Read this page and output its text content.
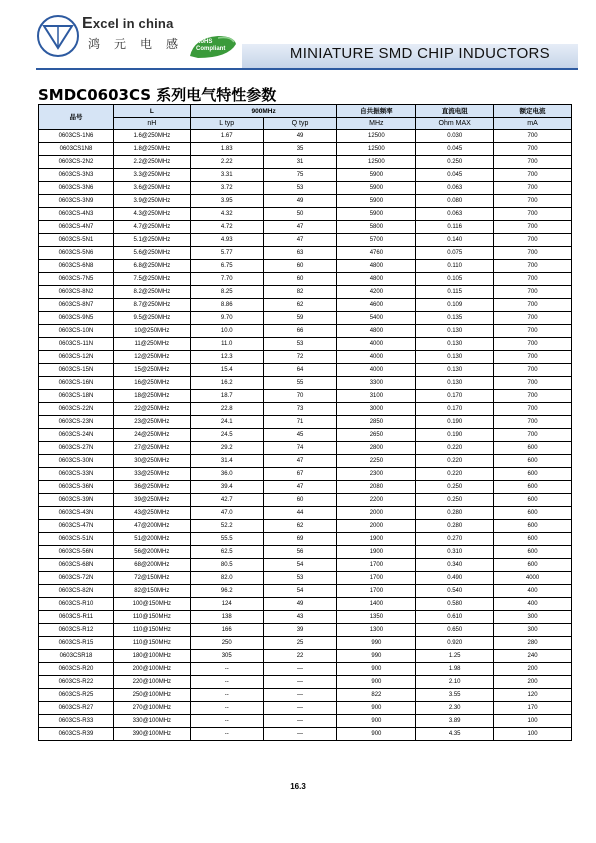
Excel in china
鸿元电感 RoHS
Compliant	MINIATURE SMD CHIP INDUCTORS
SMDC0603CS 系列电气特性参数
品号	L	900MHz		自共振频率	直流电阻	额定电流
	nH	L typ	Q typ	MHz	Ohm MAX	mA
0603CS-1N6	1.6@250MHz	1.67	49	12500	0.030	700
0603CS1N8	1.8@250MHz	1.83	35	12500	0.045	700
0603CS-2N2	2.2@250MHz	2.22	31	12500	0.250	700
0603CS-3N3	3.3@250MHz	3.31	75	5900	0.045	700
0603CS-3N6	3.6@250MHz	3.72	53	5900	0.063	700
0603CS-3N9	3.9@250MHz	3.95	49	5900	0.080	700
0603CS-4N3	4.3@250MHz	4.32	50	5900	0.063	700
0603CS-4N7	4.7@250MHz	4.72	47	5800	0.116	700
0603CS-5N1	5.1@250MHz	4.93	47	5700	0.140	700
0603CS-5N6	5.6@250MHz	5.77	63	4760	0.075	700
0603CS-6N8	6.8@250MHz	6.75	60	4800	0.110	700
0603CS-7N5	7.5@250MHz	7.70	60	4800	0.105	700
0603CS-8N2	8.2@250MHz	8.25	82	4200	0.115	700
0603CS-8N7	8.7@250MHz	8.86	62	4600	0.109	700
0603CS-9N5	9.5@250MHz	9.70	59	5400	0.135	700
0603CS-10N	10@250MHz	10.0	66	4800	0.130	700
0603CS-11N	11@250MHz	11.0	53	4000	0.130	700
0603CS-12N	12@250MHz	12.3	72	4000	0.130	700
0603CS-15N	15@250MHz	15.4	64	4000	0.130	700
0603CS-16N	16@250MHz	16.2	55	3300	0.130	700
0603CS-18N	18@250MHz	18.7	70	3100	0.170	700
0603CS-22N	22@250MHz	22.8	73	3000	0.170	700
0603CS-23N	23@250MHz	24.1	71	2850	0.190	700
0603CS-24N	24@250MHz	24.5	45	2650	0.190	700
0603CS-27N	27@250MHz	29.2	74	2800	0.220	600
0603CS-30N	30@250MHz	31.4	47	2250	0.220	600
0603CS-33N	33@250MHz	36.0	67	2300	0.220	600
0603CS-36N	36@250MHz	39.4	47	2080	0.250	600
0603CS-39N	39@250MHz	42.7	60	2200	0.250	600
0603CS-43N	43@250MHz	47.0	44	2000	0.280	600
0603CS-47N	47@200MHz	52.2	62	2000	0.280	600
0603CS-51N	51@200MHz	55.5	69	1900	0.270	600
0603CS-56N	56@200MHz	62.5	56	1900	0.310	600
0603CS-68N	68@200MHz	80.5	54	1700	0.340	600
0603CS-72N	72@150MHz	82.0	53	1700	0.490	4000
0603CS-82N	82@150MHz	96.2	54	1700	0.540	400
0603CS-R10	100@150MHz	124	49	1400	0.580	400
0603CS-R11	110@150MHz	138	43	1350	0.610	300
0603CS-R12	110@150MHz	166	39	1300	0.650	300
0603CS-R15	110@150MHz	250	25	990	0.920	280
0603CSR18	180@100MHz	305	22	990	1.25	240
0603CS-R20	200@100MHz	--	—	900	1.98	200
0603CS-R22	220@100MHz	--	—	900	2.10	200
0603CS-R25	250@100MHz	--	—	822	3.55	120
0603CS-R27	270@100MHz	--	—	900	2.30	170
0603CS-R33	330@100MHz	--	—	900	3.89	100
0603CS-R39	390@100MHz	--	—	900	4.35	100
16.3
